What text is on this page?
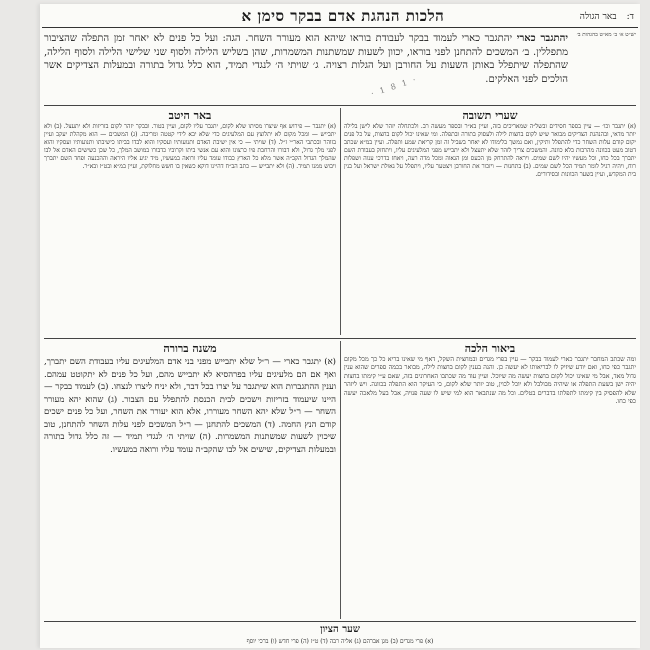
ד:
באר הגולה
הלכות הנהגת אדם בבקר סימן א
יש״ט א׳ ב׳ מא״ט בהגהות ב׳
יהתגבר כארי יהתגבר כארי לעמוד בבקר לעבודת בוראו שיהא הוא מעורר השחר. הגה: ועל כל פנים לא יאחר זמן התפלה שהציבור מתפללין. ב׳ המשכים להתחנן לפני בוראו, יכוון לשעות שמשתנות המשמרות, שהן בשליש הלילה ולסוף שני שלישי הלילה ולסוף הלילה, שהתפלה שיתפלל באותן השעות על החורבן ועל הגלות רצויה. ג׳ שויתי ה׳ לנגדי תמיד, הוא כלל גדול בתורה ובמעלות הצדיקים אשר הולכים לפני האלקים.
· 1 8 1 ·
שערי תשובה
(א) יתגבר וכו׳ — עיין בספר חסידים ובשל״ה שמאריכים בזה, ועיין בא״ר ובספר מעשה רב. ולכתחלה יזהר שלא לישן בלילה יותר מדאי, ובהנהגת הצדיקים מבואר שיש לקום בחצות לילה ולעסוק בתורה ובתפלה. ומי שאינו יכול לקום בחצות, על כל פנים יקום קודם עלות השחר כדי להתפלל ותיקין, ואם נמשך בלימודו לא יאחר בשביל זה זמן קריאת שמע ותפלה. ועיין במ״א שכתב דטוב מעט בכוונה מהרבות בלא כוונה. והמשכים צריך לזהר שלא יתעצל ולא יתבייש מפני המלעיגים עליו, ויתחזק בעבודת השם יתברך בכל כחו, וכל מעשיו יהיו לשם שמים. ויראה להתרחק מן הכעס ומן הגאוה ומכל מדה רעה, ויאחז בדרכי ענוה ושפלות רוח, ויהיה רגיל לומר תמיד הכל לשם שמים. (ב) בתחנות — ויזכור את החורבן ויצטער עליו, ויתפלל על גאולת ישראל ועל בנין בית המקדש, ועיין בשער הכוונות ובסידורים.
באר היטב
(א) יתגבר — פירוש אף שיצרו מסיתו שלא לקום, יתגבר עליו לקום, ועיין בטור. ובבקר יזהר לקום בזריזות ולא יתעצל. (ב) ולא יתבייש — ומכל מקום לא יתלוצץ עם המלעיגים כדי שלא יבא לידי קטטה ומריבה. (ג) המשכים — הוא מקהלת יעקב ועיין בזוהר ובכתבי האר״י ז״ל. (ד) שויתי — כי אין ישיבת האדם ותנועותיו ועסקיו והוא לבדו בביתו כישיבתו ותנועותיו ועסקיו והוא לפני מלך גדול, ולא דבורו והרחבת פיו כרצונו והוא עם אנשי ביתו וקרוביו כדבורו במושב המלך, כל שכן כשישים האדם אל לבו שהמלך הגדול הקב״ה אשר מלא כל הארץ כבודו עומד עליו ורואה במעשיו, מיד יגיע אליו היראה וההכנעה ופחד השם יתברך ויבוש ממנו תמיד. (ה) ולא יתבייש — כתב הב״ח דהיינו דוקא כשאין בו חשש מחלוקת, ועיין במ״א ובט״ז ובא״ר.
ביאור הלכה
ומה שכתב המחבר יתגבר כארי לעמוד בבקר — עיין בפרי מגדים ובמחצית השקל, דאף מי שאינו בריא כל כך מכל מקום יתגבר כפי כחו, ואם יודע שיזיק לו לבריאותו לא יעשה כן. והנה בענין לקום בחצות לילה, מבואר בכמה ספרים שהוא ענין גדול מאד, אבל מי שאינו יכול לקום בחצות יעשה מה שיוכל. ועיין עוד מה שכתבו האחרונים בזה, שאם ע״י קימתו בחצות יהיה ישן בשעת התפלה או שיהיה מבולבל ולא יוכל לכוין, טוב יותר שלא לקום, כי העיקר הוא התפלה בכוונה. ויש ליזהר שלא להפסיק בין קימתו לתפלתו בדברים בטלים. וכל מה שנתבאר הוא למי שיש לו שעה פנויה, אבל בעל מלאכה יעשה כפי כחו.
משנה ברורה
(א) יתגבר כארי — ר״ל שלא יתבייש מפני בני אדם המלעיגים עליו בעבודת השם יתברך, ואף אם הם מלעיגים עליו בפרהסיא לא יתבייש מהם, ועל כל פנים לא יתקוטט עמהם. וענין ההתגברות הוא שיתגבר על יצרו בכל דבר, ולא יניח ליצרו לנצחו. (ב) לעמוד בבקר — היינו שיעמוד בזריזות וישכים לבית הכנסת להתפלל עם הצבור. (ג) שהוא יהא מעורר השחר — ר״ל שלא יהא השחר מעוררו, אלא הוא יעורר את השחר, ועל כל פנים ישכים קודם הנץ החמה. (ד) המשכים להתחנן — ר״ל המשכים לפני עלות השחר להתחנן, טוב שיכוין לשעות שמשתנות המשמרות. (ה) שויתי ה׳ לנגדי תמיד — זה כלל גדול בתורה ובמעלות הצדיקים, שישים אל לבו שהקב״ה עומד עליו ורואה במעשיו.
שער הציון
(א) פרי מגדים (ב) מגן אברהם (ג) אליה רבה (ד) ט״ז (ה) פרי חדש (ו) ברכי יוסף
